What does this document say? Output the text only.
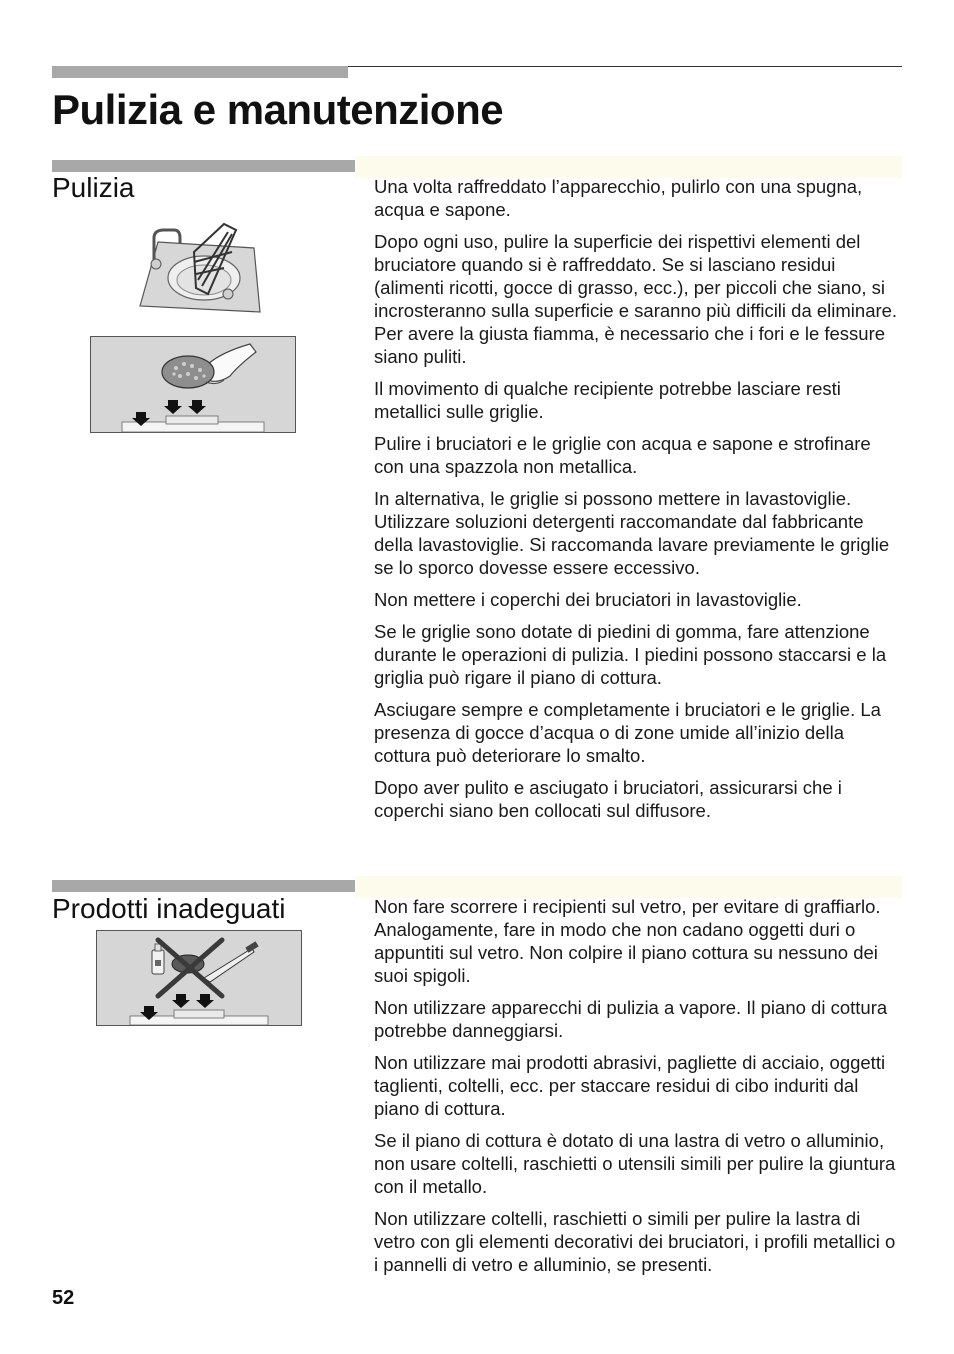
Pulizia e manutenzione
Pulizia	Una volta raffreddato l’apparecchio, pulirlo con una spugna, acqua e sapone.

Dopo ogni uso, pulire la superficie dei rispettivi elementi del bruciatore quando si è raffreddato. Se si lasciano residui (alimenti ricotti, gocce di grasso, ecc.), per piccoli che siano, si incrosteranno sulla superficie e saranno più difficili da eliminare. Per avere la giusta fiamma, è necessario che i fori e le fessure siano puliti.

Il movimento di qualche recipiente potrebbe lasciare resti metallici sulle griglie.

Pulire i bruciatori e le griglie con acqua e sapone e strofinare con una spazzola non metallica.

In alternativa, le griglie si possono mettere in lavastoviglie. Utilizzare soluzioni detergenti raccomandate dal fabbricante della lavastoviglie. Si raccomanda lavare previamente le griglie se lo sporco dovesse essere eccessivo.

Non mettere i coperchi dei bruciatori in lavastoviglie.

Se le griglie sono dotate di piedini di gomma, fare attenzione durante le operazioni di pulizia. I piedini possono staccarsi e la griglia può rigare il piano di cottura.

Asciugare sempre e completamente i bruciatori e le griglie. La presenza di gocce d’acqua o di zone umide all’inizio della cottura può deteriorare lo smalto.

Dopo aver pulito e asciugato i bruciatori, assicurarsi che i coperchi siano ben collocati sul diffusore.

Prodotti inadeguati	Non fare scorrere i recipienti sul vetro, per evitare di graffiarlo. Analogamente, fare in modo che non cadano oggetti duri o appuntiti sul vetro. Non colpire il piano cottura su nessuno dei suoi spigoli.

Non utilizzare apparecchi di pulizia a vapore. Il piano di cottura potrebbe danneggiarsi.

Non utilizzare mai prodotti abrasivi, pagliette di acciaio, oggetti taglienti, coltelli, ecc. per staccare residui di cibo induriti dal piano di cottura.

Se il piano di cottura è dotato di una lastra di vetro o alluminio, non usare coltelli, raschietti o utensili simili per pulire la giuntura con il metallo.

Non utilizzare coltelli, raschietti o simili per pulire la lastra di vetro con gli elementi decorativi dei bruciatori, i profili metallici o i pannelli di vetro e alluminio, se presenti.

52
